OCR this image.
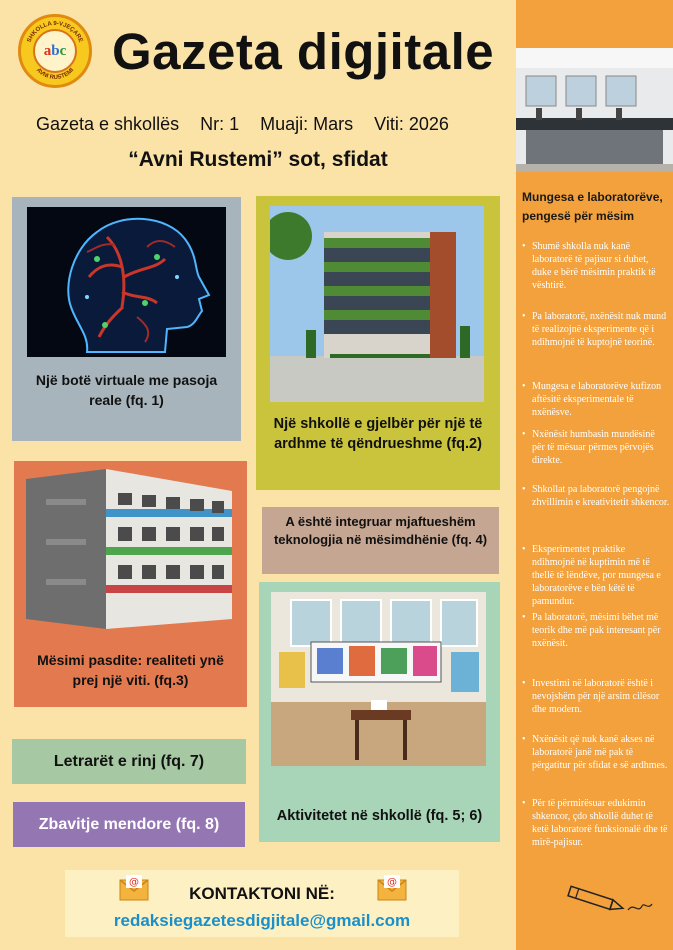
SHKOLLA 9-VJEÇARE
AVNI RUSTEMI
abc Gazeta digjitale
Gazeta e shkollës Nr: 1 Muaji: Mars Viti: 2026
“Avni Rustemi” sot, sfidat
Një botë virtuale me pasoja reale (fq. 1)
Një shkollë e gjelbër për një të ardhme të qëndrueshme (fq.2)
Mësimi pasdite: realiteti ynë prej një viti. (fq.3)
A është integruar mjaftueshëm teknologjia në mësimdhënie (fq. 4)
Aktivitetet në shkollë (fq. 5; 6)
Letrarët e rinj (fq. 7)
Zbavitje mendore (fq. 8)
@	@
KONTAKTONI NË:
redaksiegazetesdigjitale@gmail.com
Mungesa e laboratorëve, pengesë për mësim
• Shumë shkolla nuk kanë laboratorë të pajisur si duhet, duke e bërë mësimin praktik të vështirë.
• Pa laboratorë, nxënësit nuk mund të realizojnë eksperimente që i ndihmojnë të kuptojnë teorinë.
• Mungesa e laboratorëve kufizon aftësitë eksperimentale të nxënësve.
• Nxënësit humbasin mundësinë për të mësuar përmes përvojës direkte.
• Shkollat pa laboratorë pengojnë zhvillimin e kreativitetit shkencor.
• Eksperimentet praktike ndihmojnë në kuptimin më të thellë të lëndëve, por mungesa e laboratorëve e bën këtë të pamundur.
• Pa laboratorë, mësimi bëhet më teorik dhe më pak interesant për nxënësit.
• Investimi në laboratorë është i nevojshëm për një arsim cilësor dhe modern.
• Nxënësit që nuk kanë akses në laboratorë janë më pak të përgatitur për sfidat e së ardhmes.
• Për të përmirësuar edukimin shkencor, çdo shkollë duhet të ketë laboratorë funksionalë dhe të mirë-pajisur.
